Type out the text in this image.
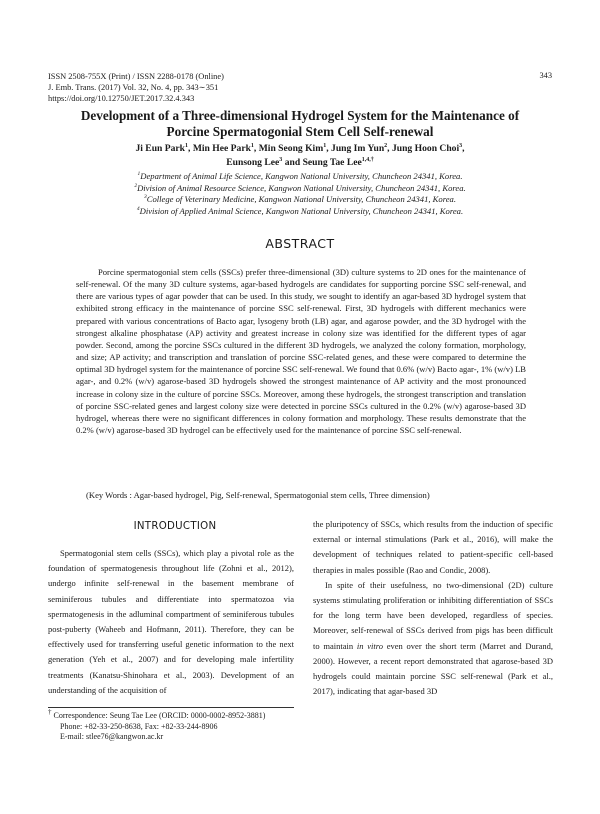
ISSN 2508-755X (Print) / ISSN 2288-0178 (Online)
J. Emb. Trans. (2017) Vol. 32, No. 4, pp. 343∼351
https://doi.org/10.12750/JET.2017.32.4.343
343
Development of a Three-dimensional Hydrogel System for the Maintenance of
Porcine Spermatogonial Stem Cell Self-renewal
Ji Eun Park$^1$, Min Hee Park$^1$, Min Seong Kim$^1$, Jung Im Yun$^2$, Jung Hoon Choi$^3$,
Eunsong Lee$^3$ and Seung Tae Lee$^{1,4,\dagger}$
$^1$Department of Animal Life Science, Kangwon National University, Chuncheon 24341, Korea.
$^2$Division of Animal Resource Science, Kangwon National University, Chuncheon 24341, Korea.
$^3$College of Veterinary Medicine, Kangwon National University, Chuncheon 24341, Korea.
$^4$Division of Applied Animal Science, Kangwon National University, Chuncheon 24341, Korea.
ABSTRACT

Porcine spermatogonial stem cells (SSCs) prefer three-dimensional (3D) culture systems to 2D ones for the maintenance of self-renewal. Of the many 3D culture systems, agar-based hydrogels are candidates for supporting porcine SSC self-renewal, and there are various types of agar powder that can be used. In this study, we sought to identify an agar-based 3D hydrogel system that exhibited strong efficacy in the maintenance of porcine SSC self-renewal. First, 3D hydrogels with different mechanics were prepared with various concentrations of Bacto agar, lysogeny broth (LB) agar, and agarose powder, and the 3D hydrogel with the strongest alkaline phosphatase (AP) activity and greatest increase in colony size was identified for the different types of agar powder. Second, among the porcine SSCs cultured in the different 3D hydrogels, we analyzed the colony formation, morphology, and size; AP activity; and transcription and translation of porcine SSC-related genes, and these were compared to determine the optimal 3D hydrogel system for the maintenance of porcine SSC self-renewal. We found that 0.6% (w/v) Bacto agar-, 1% (w/v) LB agar-, and 0.2% (w/v) agarose-based 3D hydrogels showed the strongest maintenance of AP activity and the most pronounced increase in colony size in the culture of porcine SSCs. Moreover, among these hydrogels, the strongest transcription and translation of porcine SSC-related genes and largest colony size were detected in porcine SSCs cultured in the 0.2% (w/v) agarose-based 3D hydrogel, whereas there were no significant differences in colony formation and morphology. These results demonstrate that the 0.2% (w/v) agarose-based 3D hydrogel can be effectively used for the maintenance of porcine SSC self-renewal.

(Key Words : Agar-based hydrogel, Pig, Self-renewal, Spermatogonial stem cells, Three dimension)
INTRODUCTION

Spermatogonial stem cells (SSCs), which play a pivotal role as the foundation of spermatogenesis throughout life (Zohni et al., 2012), undergo infinite self-renewal in the basement membrane of seminiferous tubules and differentiate into spermatozoa via spermatogenesis in the adluminal compartment of seminiferous tubules post-puberty (Waheeb and Hofmann, 2011). Therefore, they can be effectively used for transferring useful genetic information to the next generation (Yeh et al., 2007) and for developing male infertility treatments (Kanatsu-Shinohara et al., 2003). Development of an understanding of the acquisition of

the pluripotency of SSCs, which results from the induction of specific external or internal stimulations (Park et al., 2016), will make the development of techniques related to patient-specific cell-based therapies in males possible (Rao and Condic, 2008).

In spite of their usefulness, no two-dimensional (2D) culture systems stimulating proliferation or inhibiting differentiation of SSCs for the long term have been developed, regardless of species. Moreover, self-renewal of SSCs derived from pigs has been difficult to maintain in vitro even over the short term (Marret and Durand, 2000). However, a recent report demonstrated that agarose-based 3D hydrogels could maintain porcine SSC self-renewal (Park et al., 2017), indicating that agar-based 3D

† Correspondence: Seung Tae Lee (ORCID: 0000-0002-8952-3881)
Phone: +82-33-250-8638, Fax: +82-33-244-8906
E-mail: stlee76@kangwon.ac.kr
